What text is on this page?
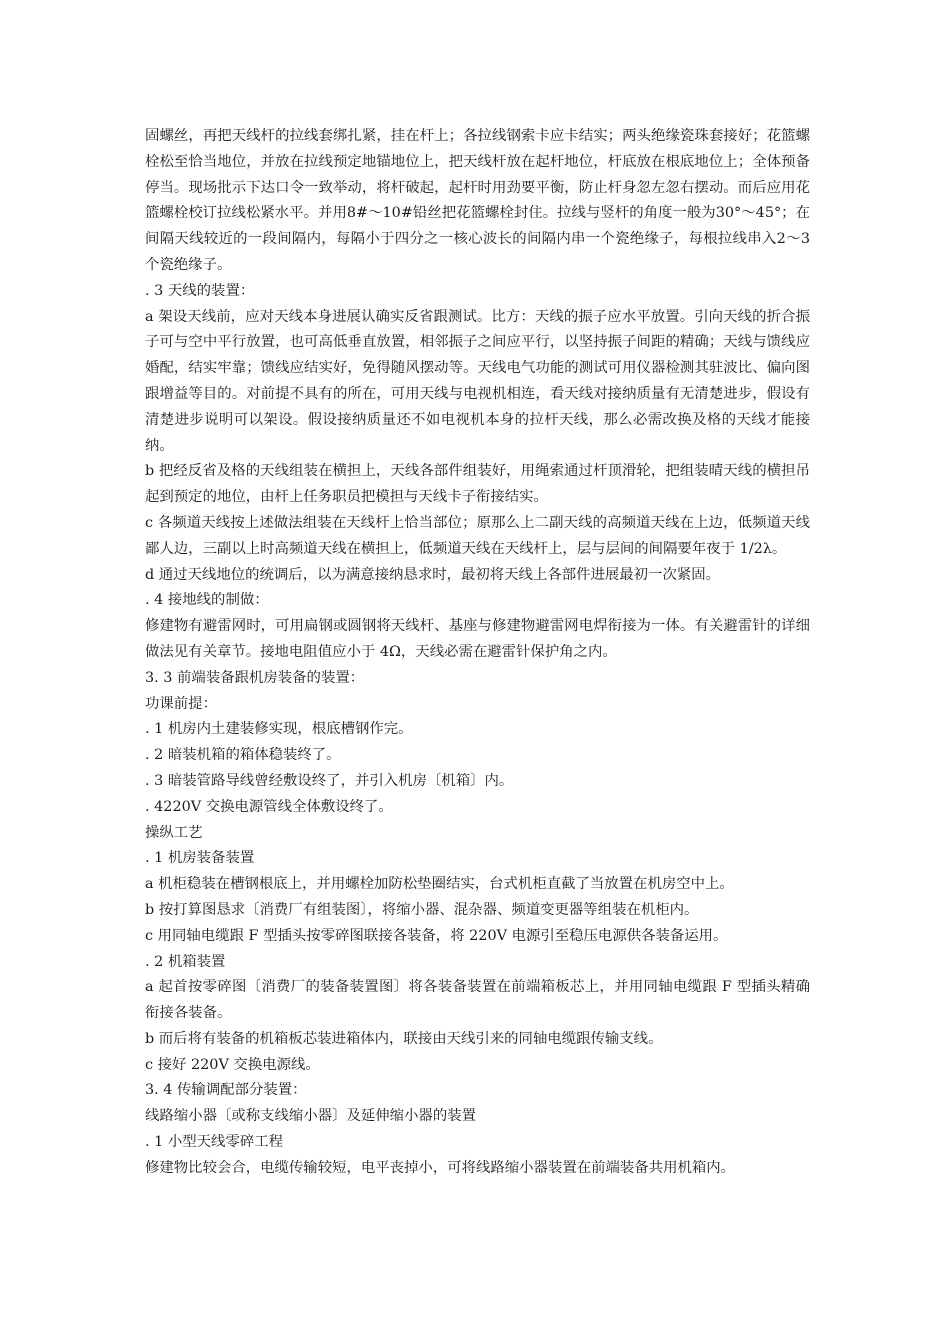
固螺丝，再把天线杆的拉线套绑扎紧，挂在杆上；各拉线钢索卡应卡结实；两头绝缘瓷珠套接好；花篮螺栓松至恰当地位，并放在拉线预定地锚地位上，把天线杆放在起杆地位，杆底放在根底地位上；全体预备停当。现场批示下达口令一致举动，将杆破起，起杆时用劲要平衡，防止杆身忽左忽右摆动。而后应用花篮螺栓校订拉线松紧水平。并用8#～10#铅丝把花篮螺栓封住。拉线与竖杆的角度一般为30°～45°；在间隔天线较近的一段间隔内，每隔小于四分之一核心波长的间隔内串一个瓷绝缘子，每根拉线串入2～3个瓷绝缘子。

. 3 天线的装置：

a 架设天线前，应对天线本身进展认确实反省跟测试。比方：天线的振子应水平放置。引向天线的折合振子可与空中平行放置，也可高低垂直放置，相邻振子之间应平行，以坚持振子间距的精确；天线与馈线应婚配，结实牢靠；馈线应结实好，免得随风摆动等。天线电气功能的测试可用仪器检测其驻波比、偏向图跟增益等目的。对前提不具有的所在，可用天线与电视机相连，看天线对接纳质量有无清楚进步，假设有清楚进步说明可以架设。假设接纳质量还不如电视机本身的拉杆天线，那么必需改换及格的天线才能接纳。

b 把经反省及格的天线组装在横担上，天线各部件组装好，用绳索通过杆顶滑轮，把组装晴天线的横担吊起到预定的地位，由杆上任务职员把模担与天线卡子衔接结实。

c 各频道天线按上述做法组装在天线杆上恰当部位；原那么上二副天线的高频道天线在上边，低频道天线鄙人边，三副以上时高频道天线在横担上，低频道天线在天线杆上，层与层间的间隔要年夜于 1/2λ。

d 通过天线地位的统调后，以为满意接纳恳求时，最初将天线上各部件进展最初一次紧固。

. 4 接地线的制做：

修建物有避雷网时，可用扁钢或圆钢将天线杆、基座与修建物避雷网电焊衔接为一体。有关避雷针的详细做法见有关章节。接地电阻值应小于 4Ω，天线必需在避雷针保护角之内。

3. 3 前端装备跟机房装备的装置：

功课前提：

. 1 机房内土建装修实现，根底槽钢作完。

. 2 暗装机箱的箱体稳装终了。

. 3 暗装管路导线曾经敷设终了，并引入机房〔机箱〕内。

. 4220V 交换电源管线全体敷设终了。

操纵工艺

. 1 机房装备装置

a 机柜稳装在槽钢根底上，并用螺栓加防松垫圈结实，台式机柜直截了当放置在机房空中上。

b 按打算图恳求〔消费厂有组装图〕，将缩小器、混杂器、频道变更器等组装在机柜内。

c 用同轴电缆跟 F 型插头按零碎图联接各装备，将 220V 电源引至稳压电源供各装备运用。

. 2 机箱装置

a 起首按零碎图〔消费厂的装备装置图〕将各装备装置在前端箱板芯上，并用同轴电缆跟 F 型插头精确衔接各装备。

b 而后将有装备的机箱板芯装进箱体内，联接由天线引来的同轴电缆跟传输支线。

c 接好 220V 交换电源线。

3. 4 传输调配部分装置：

线路缩小器〔或称支线缩小器〕及延伸缩小器的装置

. 1 小型天线零碎工程

修建物比较会合，电缆传输较短，电平丧掉小，可将线路缩小器装置在前端装备共用机箱内。
